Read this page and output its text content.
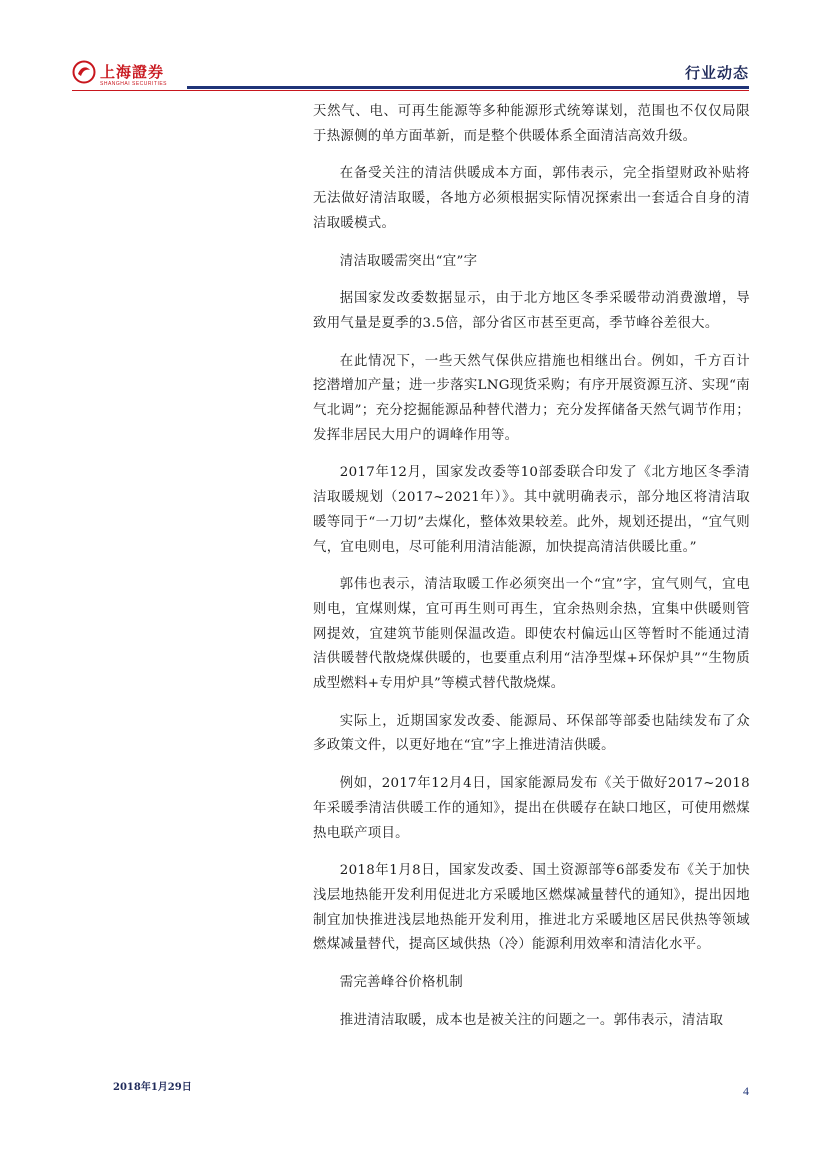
上海證券
SHANGHAI SECURITIES
行业动态

天然气、电、可再生能源等多种能源形式统筹谋划，范围也不仅仅局限于热源侧的单方面革新，而是整个供暖体系全面清洁高效升级。

在备受关注的清洁供暖成本方面，郭伟表示，完全指望财政补贴将无法做好清洁取暖，各地方必须根据实际情况探索出一套适合自身的清洁取暖模式。

清洁取暖需突出“宜”字

据国家发改委数据显示，由于北方地区冬季采暖带动消费激增，导致用气量是夏季的3.5倍，部分省区市甚至更高，季节峰谷差很大。

在此情况下，一些天然气保供应措施也相继出台。例如，千方百计挖潜增加产量；进一步落实LNG现货采购；有序开展资源互济、实现“南气北调”；充分挖掘能源品种替代潜力；充分发挥储备天然气调节作用；发挥非居民大用户的调峰作用等。

2017年12月，国家发改委等10部委联合印发了《北方地区冬季清洁取暖规划（2017~2021年）》。其中就明确表示，部分地区将清洁取暖等同于“一刀切”去煤化，整体效果较差。此外，规划还提出，“宜气则气，宜电则电，尽可能利用清洁能源，加快提高清洁供暖比重。”

郭伟也表示，清洁取暖工作必须突出一个“宜”字，宜气则气，宜电则电，宜煤则煤，宜可再生则可再生，宜余热则余热，宜集中供暖则管网提效，宜建筑节能则保温改造。即使农村偏远山区等暂时不能通过清洁供暖替代散烧煤供暖的，也要重点利用“洁净型煤+环保炉具”“生物质成型燃料+专用炉具”等模式替代散烧煤。

实际上，近期国家发改委、能源局、环保部等部委也陆续发布了众多政策文件，以更好地在“宜”字上推进清洁供暖。

例如，2017年12月4日，国家能源局发布《关于做好2017~2018年采暖季清洁供暖工作的通知》，提出在供暖存在缺口地区，可使用燃煤热电联产项目。

2018年1月8日，国家发改委、国土资源部等6部委发布《关于加快浅层地热能开发利用促进北方采暖地区燃煤减量替代的通知》，提出因地制宜加快推进浅层地热能开发利用，推进北方采暖地区居民供热等领域燃煤减量替代，提高区域供热（冷）能源利用效率和清洁化水平。

需完善峰谷价格机制

推进清洁取暖，成本也是被关注的问题之一。郭伟表示，清洁取

2018年1月29日	4
